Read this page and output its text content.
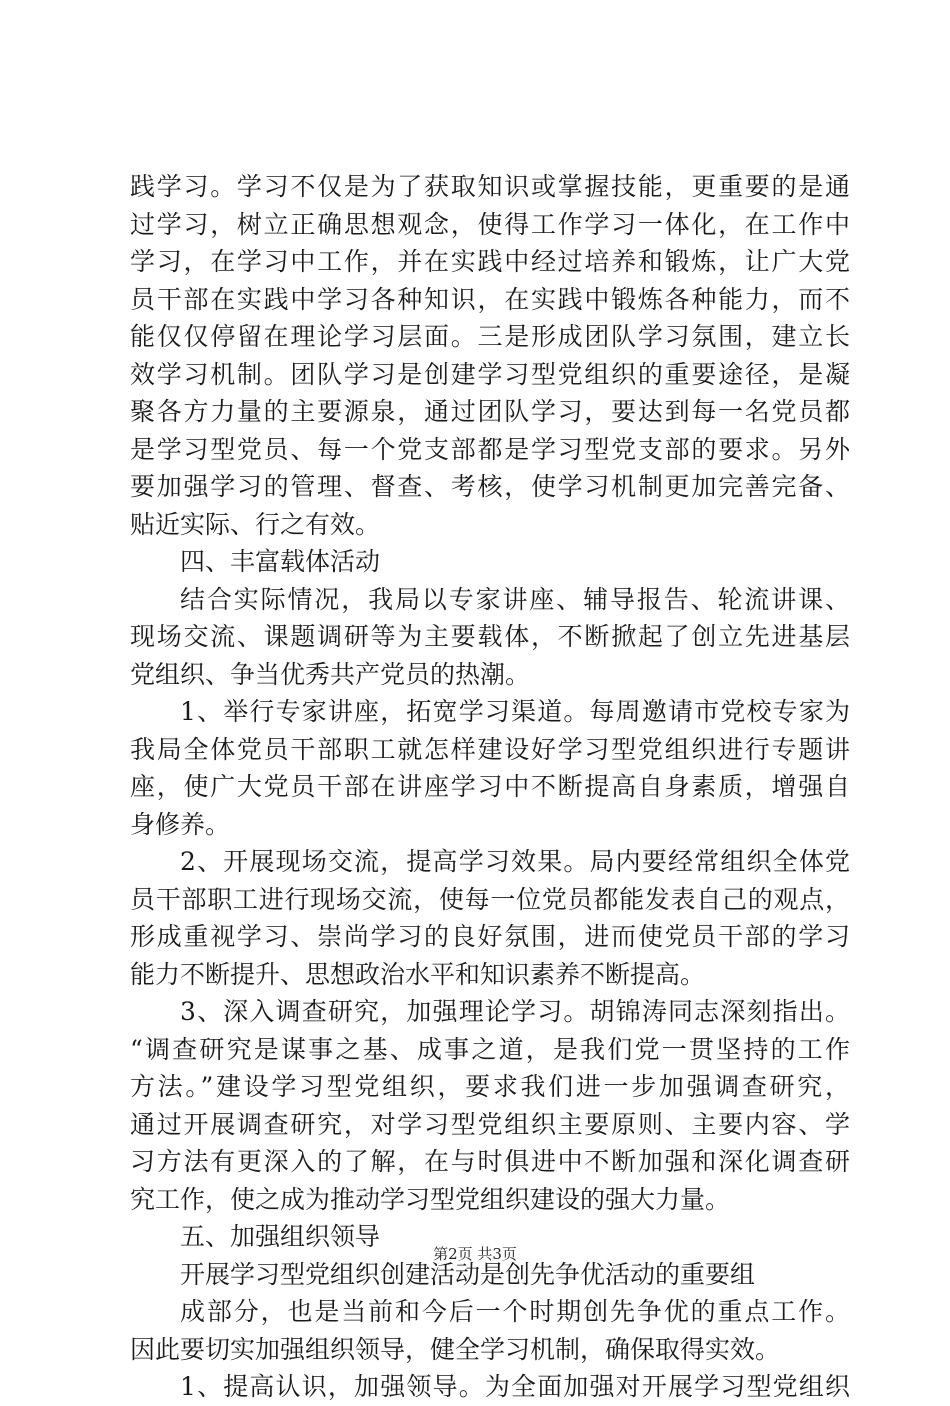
践学习。学习不仅是为了获取知识或掌握技能，更重要的是通
过学习，树立正确思想观念，使得工作学习一体化，在工作中
学习，在学习中工作，并在实践中经过培养和锻炼，让广大党
员干部在实践中学习各种知识，在实践中锻炼各种能力，而不
能仅仅停留在理论学习层面。三是形成团队学习氛围，建立长
效学习机制。团队学习是创建学习型党组织的重要途径，是凝
聚各方力量的主要源泉，通过团队学习，要达到每一名党员都
是学习型党员、每一个党支部都是学习型党支部的要求。另外
要加强学习的管理、督查、考核，使学习机制更加完善完备、
贴近实际、行之有效。
四、丰富载体活动
结合实际情况，我局以专家讲座、辅导报告、轮流讲课、
现场交流、课题调研等为主要载体，不断掀起了创立先进基层
党组织、争当优秀共产党员的热潮。
1、举行专家讲座，拓宽学习渠道。每周邀请市党校专家为
我局全体党员干部职工就怎样建设好学习型党组织进行专题讲
座，使广大党员干部在讲座学习中不断提高自身素质，增强自
身修养。
2、开展现场交流，提高学习效果。局内要经常组织全体党
员干部职工进行现场交流，使每一位党员都能发表自己的观点，
形成重视学习、崇尚学习的良好氛围，进而使党员干部的学习
能力不断提升、思想政治水平和知识素养不断提高。
3、深入调查研究，加强理论学习。胡锦涛同志深刻指出。
“调查研究是谋事之基、成事之道，是我们党一贯坚持的工作
方法。”建设学习型党组织，要求我们进一步加强调查研究，
通过开展调查研究，对学习型党组织主要原则、主要内容、学
习方法有更深入的了解，在与时俱进中不断加强和深化调查研
究工作，使之成为推动学习型党组织建设的强大力量。
五、加强组织领导
开展学习型党组织创建活动是创先争优活动的重要组
成部分，也是当前和今后一个时期创先争优的重点工作。
因此要切实加强组织领导，健全学习机制，确保取得实效。
1、提高认识，加强领导。为全面加强对开展学习型党组织
第2页 共3页
